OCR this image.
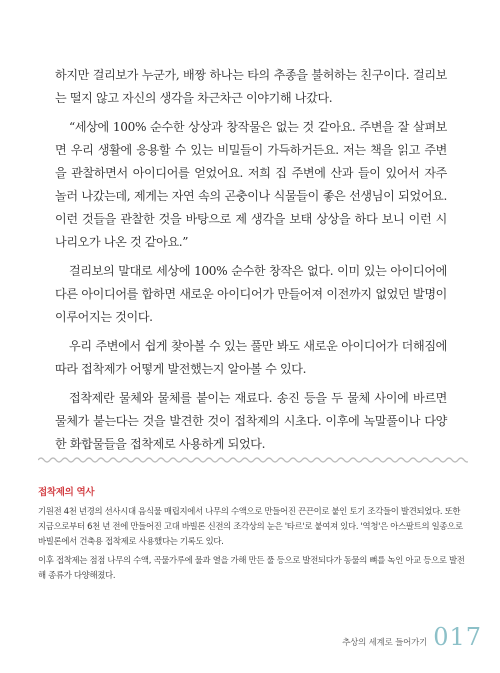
하지만 걸리보가 누군가, 배짱 하나는 타의 추종을 불허하는 친구이다. 걸리보는 떨지 않고 자신의 생각을 차근차근 이야기해 나갔다.

“세상에 100% 순수한 상상과 창작물은 없는 것 같아요. 주변을 잘 살펴보면 우리 생활에 응용할 수 있는 비밀들이 가득하거든요. 저는 책을 읽고 주변을 관찰하면서 아이디어를 얻었어요. 저희 집 주변에 산과 들이 있어서 자주 놀러 나갔는데, 제게는 자연 속의 곤충이나 식물들이 좋은 선생님이 되었어요. 이런 것들을 관찰한 것을 바탕으로 제 생각을 보태 상상을 하다 보니 이런 시나리오가 나온 것 같아요.”

걸리보의 말대로 세상에 100% 순수한 창작은 없다. 이미 있는 아이디어에 다른 아이디어를 합하면 새로운 아이디어가 만들어져 이전까지 없었던 발명이 이루어지는 것이다.

우리 주변에서 쉽게 찾아볼 수 있는 풀만 봐도 새로운 아이디어가 더해짐에 따라 접착제가 어떻게 발전했는지 알아볼 수 있다.

접착제란 물체와 물체를 붙이는 재료다. 송진 등을 두 물체 사이에 바르면 물체가 붙는다는 것을 발견한 것이 접착제의 시초다. 이후에 녹말풀이나 다양한 화합물들을 접착제로 사용하게 되었다.

접착제의 역사

기원전 4천 년경의 선사시대 음식물 매립지에서 나무의 수액으로 만들어진 끈끈이로 붙인 토기 조각들이 발견되었다. 또한 지금으로부터 6천 년 전에 만들어진 고대 바빌론 신전의 조각상의 눈은 '타르'로 붙여져 있다. '역청'은 아스팔트의 일종으로 바빌론에서 건축용 접착제로 사용했다는 기록도 있다.

이후 접착제는 점점 나무의 수액, 곡물가루에 물과 열을 가해 만든 풀 등으로 발전되다가 동물의 뼈를 녹인 아교 등으로 발전해 종류가 다양해졌다.

추상의 세계로 들어가기 017
